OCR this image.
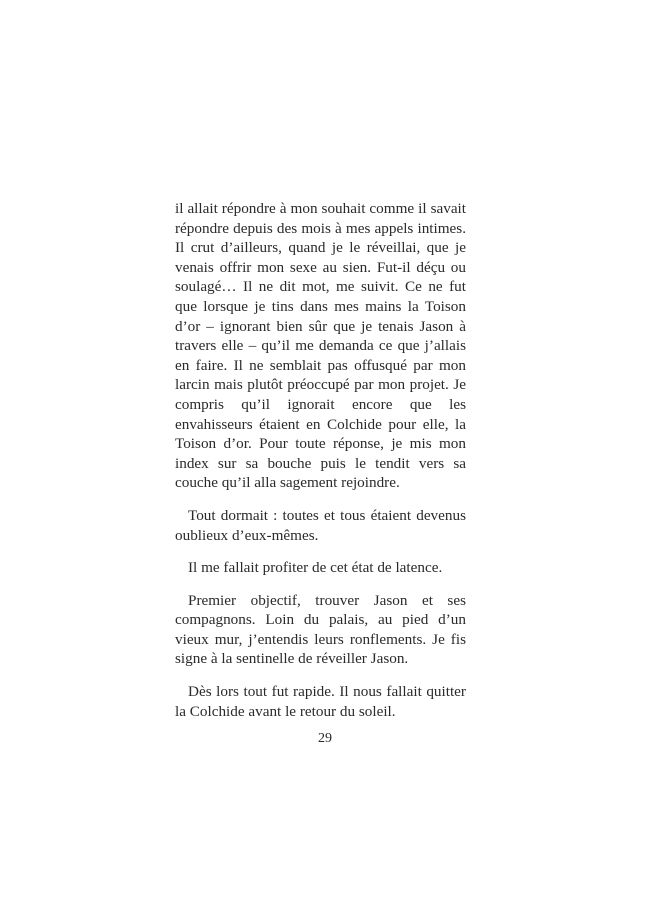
il allait répondre à mon souhait comme il savait répondre depuis des mois à mes appels intimes. Il crut d’ailleurs, quand je le réveillai, que je venais offrir mon sexe au sien. Fut-il déçu ou soulagé… Il ne dit mot, me suivit. Ce ne fut que lorsque je tins dans mes mains la Toison d’or – ignorant bien sûr que je tenais Jason à travers elle – qu’il me demanda ce que j’allais en faire. Il ne semblait pas offusqué par mon larcin mais plutôt préoccupé par mon projet. Je compris qu’il ignorait encore que les envahisseurs étaient en Colchide pour elle, la Toison d’or. Pour toute réponse, je mis mon index sur sa bouche puis le tendit vers sa couche qu’il alla sagement rejoindre.

Tout dormait : toutes et tous étaient devenus oublieux d’eux-mêmes.

Il me fallait profiter de cet état de latence.

Premier objectif, trouver Jason et ses compagnons. Loin du palais, au pied d’un vieux mur, j’entendis leurs ronflements. Je fis signe à la sentinelle de réveiller Jason.

Dès lors tout fut rapide. Il nous fallait quitter la Colchide avant le retour du soleil.

29
